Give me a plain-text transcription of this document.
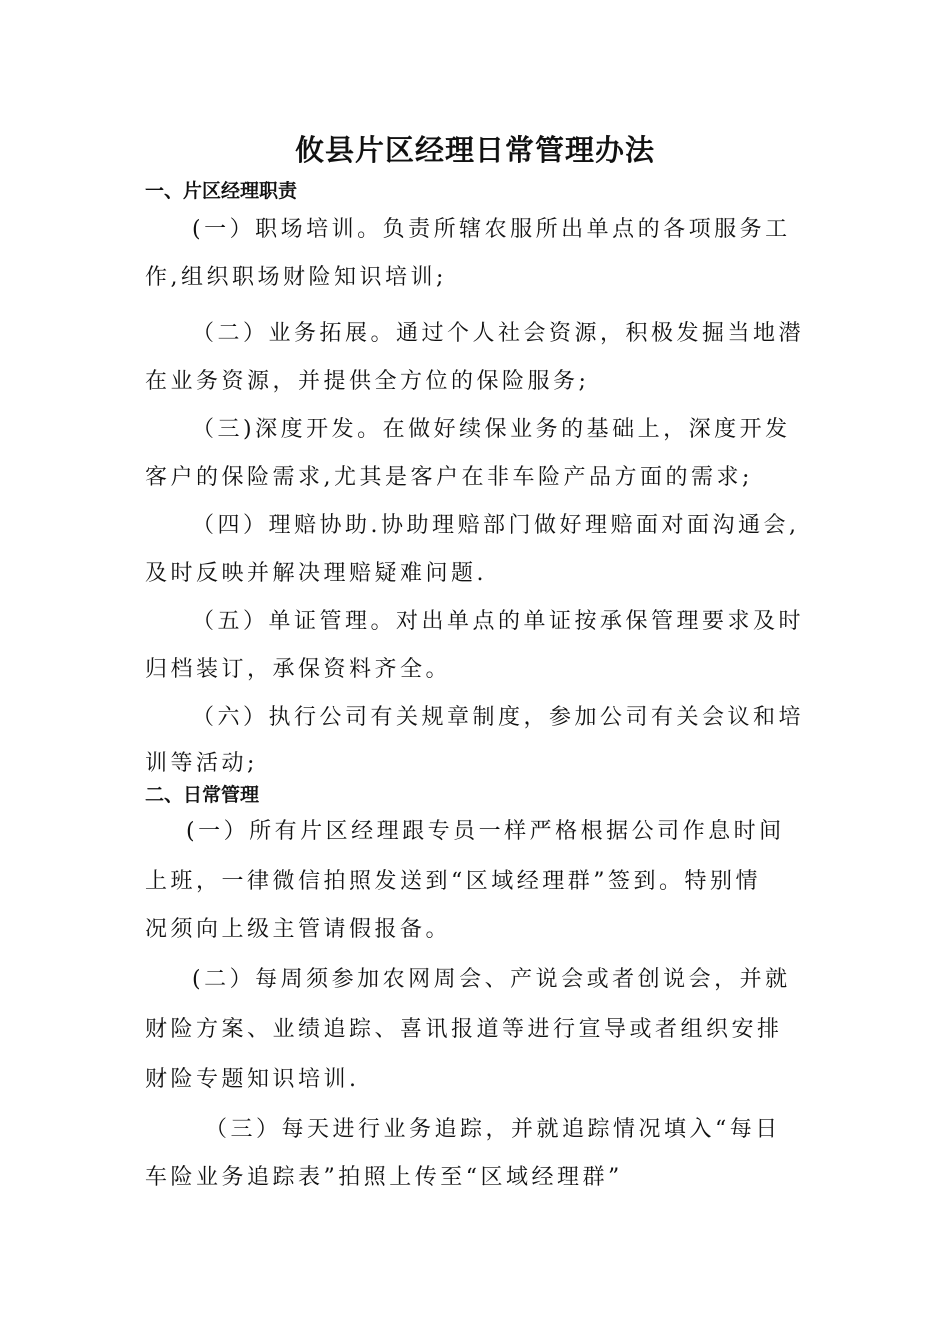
攸县片区经理日常管理办法
一、片区经理职责
(一）职场培训。负责所辖农服所出单点的各项服务工
作,组织职场财险知识培训;
（二）业务拓展。通过个人社会资源，积极发掘当地潜
在业务资源，并提供全方位的保险服务;
（三)深度开发。在做好续保业务的基础上，深度开发
客户的保险需求,尤其是客户在非车险产品方面的需求;
（四）理赔协助.协助理赔部门做好理赔面对面沟通会,
及时反映并解决理赔疑难问题.
（五）单证管理。对出单点的单证按承保管理要求及时
归档装订，承保资料齐全。
（六）执行公司有关规章制度，参加公司有关会议和培
训等活动;
二、日常管理
(一）所有片区经理跟专员一样严格根据公司作息时间
上班，一律微信拍照发送到“区域经理群”签到。特别情
况须向上级主管请假报备。
(二）每周须参加农网周会、产说会或者创说会，并就
财险方案、业绩追踪、喜讯报道等进行宣导或者组织安排
财险专题知识培训.
（三）每天进行业务追踪，并就追踪情况填入“每日
车险业务追踪表”拍照上传至“区域经理群”
